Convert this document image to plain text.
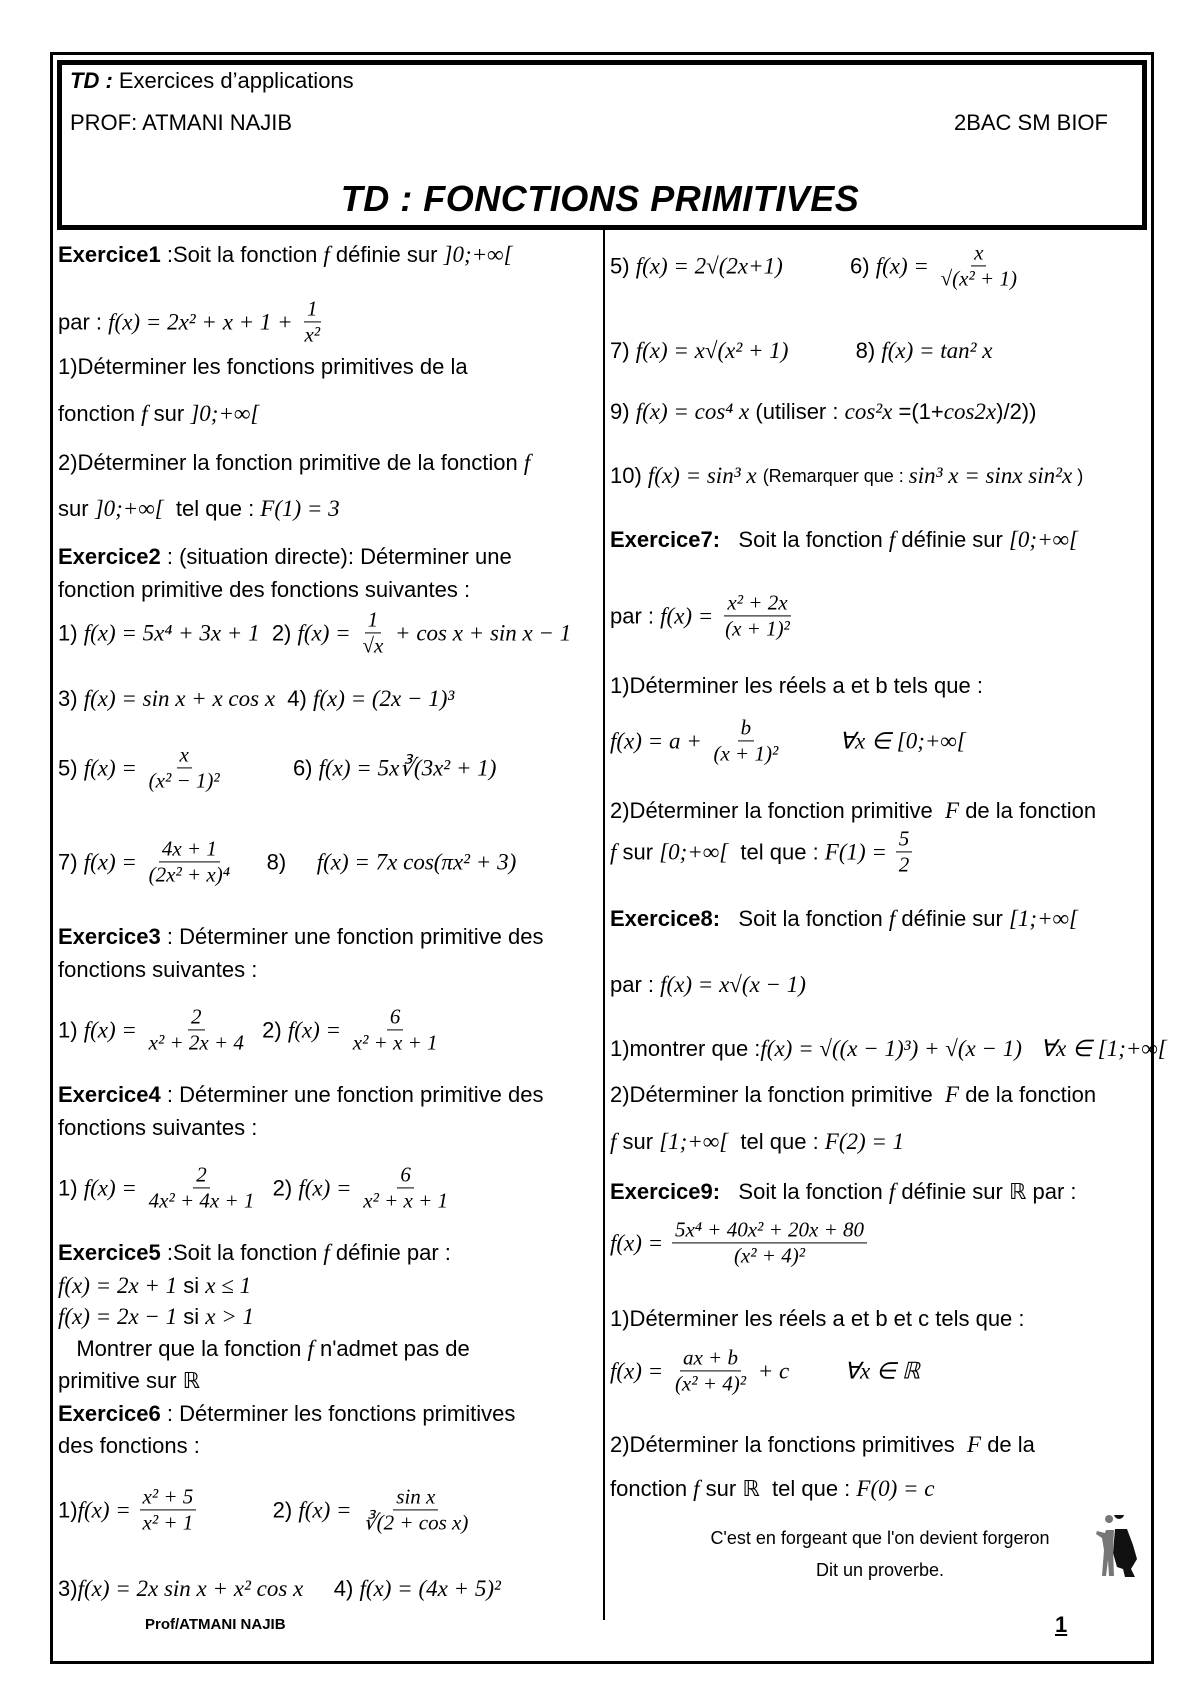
TD : Exercices d’applications
PROF: ATMANI NAJIB	2BAC SM BIOF
TD : FONCTIONS PRIMITIVES
Exercice1 :Soit la fonction f définie sur ]0;+∞[
par : $f(x) = 2x^2 + x + 1 + \frac{1}{\text{x²}}$
1)Déterminer les fonctions primitives de la
fonction f sur ]0;+∞[
2)Déterminer la fonction primitive de la fonction f
sur ]0;+∞[ tel que : F(1) = 3
Exercice2 : (situation directe): Déterminer une
fonction primitive des fonctions suivantes :
1) f(x) = 5x⁴ + 3x + 1 2) $f(x) = \frac{1}{√x} + \cos x + \sin x - 1$
3) f(x) = sin x + x cos x 4) f(x) = (2x − 1)³
5) $f(x) = \frac{x}{\text{(x² − 1)²}} 6$) f(x) = 5x∛(3x² + 1)
7) $f(x) = \frac{4x + 1}{\text{(2x² + x)⁴}} 8$) f(x) = 7x cos(πx² + 3)
Exercice3 : Déterminer une fonction primitive des
fonctions suivantes :
1) $f(x) = \frac{2}{\text{x² + 2x + 4}} 2$) $f(x) = \frac{6}{\text{x² + x + 1}}$
Exercice4 : Déterminer une fonction primitive des
fonctions suivantes :
1) $f(x) = \frac{2}{\text{4x² + 4x + 1}} 2$) $f(x) = \frac{6}{\text{x² + x + 1}}$
Exercice5 :Soit la fonction f définie par :
f(x) = 2x + 1 si x ≤ 1
f(x) = 2x − 1 si x > 1
Montrer que la fonction f n'admet pas de
primitive sur ℝ
Exercice6 : Déterminer les fonctions primitives
des fonctions :
1) $f(x) = \frac{\text{x² + 5}}{\text{x² + 1}} 2$) $f(x) = \frac{\text{sin x}}{\text{∛(2 + cos x)}}$
3) f(x) = 2x sin x + x² cos x 4) f(x) = (4x + 5)²
5) f(x) = 2√(2x+1) 6) $f(x) = \frac{x}{\text{√(x² + 1)}}$
7) f(x) = x√(x² + 1) 8) f(x) = tan² x
9) f(x) = cos⁴ x (utiliser : cos²x =(1+ cos2x )/2))
10) f(x) = sin³ x
(Remarquer que : sin³ x = sinx sin²x )
Exercice7: Soit la fonction f définie sur [0;+∞[
par : $f(x) = \frac{\text{x² + 2x}}{\text{(x + 1)²}}$
1)Déterminer les réels a et b tels que :
$f(x) = a + \frac{b}{\text{(x + 1)²}}$
	∀x ∈ [0;+∞[
2)Déterminer la fonction primitive F de la fonction
f sur [0;+∞[ tel que : $F(1) = \frac{5}{2}$
Exercice8: Soit la fonction f définie sur [1;+∞[
par : f(x) = x√(x − 1)
1)montrer que : f(x) = √((x − 1)³) + √(x − 1)
∀x ∈ [1;+∞[
2)Déterminer la fonction primitive F de la fonction
f sur [1;+∞[ tel que : F(2) = 1
Exercice9: Soit la fonction f définie sur ℝ par :
$f(x) = \frac{\text{5x⁴ + 40x² + 20x + 80}}{\text{(x² + 4)²}}$
1)Déterminer les réels a et b et c tels que :
$f(x) = \frac{ax + b}{\text{(x² + 4)²}} + c$
∀x ∈ ℝ
2)Déterminer la fonctions primitives F de la
fonction f sur ℝ  tel que : F(0) = c
Prof/ATMANI NAJIB
C'est en forgeant que l'on devient forgeron
Dit un proverbe.
1
